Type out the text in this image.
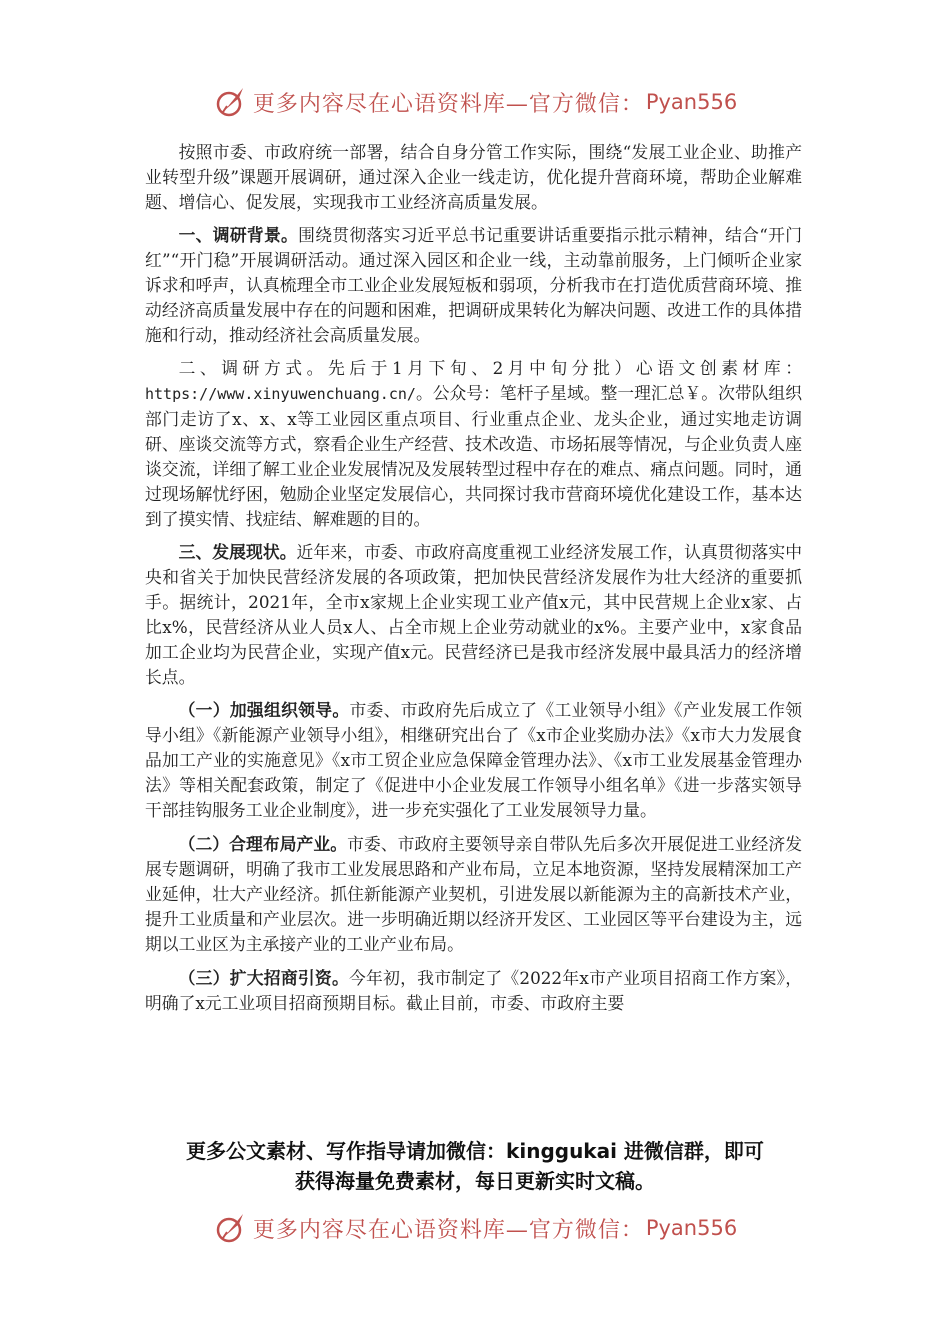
更多内容尽在心语资料库—官方微信： Pyan556

按照市委、市政府统一部署，结合自身分管工作实际，围绕“发展工业企业、助推产业转型升级”课题开展调研，通过深入企业一线走访，优化提升营商环境，帮助企业解难题、增信心、促发展，实现我市工业经济高质量发展。

一、调研背景。围绕贯彻落实习近平总书记重要讲话重要指示批示精神，结合“开门红”“开门稳”开展调研活动。通过深入园区和企业一线，主动靠前服务，上门倾听企业家诉求和呼声，认真梳理全市工业企业发展短板和弱项，分析我市在打造优质营商环境、推动经济高质量发展中存在的问题和困难，把调研成果转化为解决问题、改进工作的具体措施和行动，推动经济社会高质量发展。

二、调研方式。先后于1月下旬、2月中旬分批）心语文创素材库：https://www.xinyuwenchuang.cn/。公众号：笔杆子星域。整一理汇总￥。次带队组织部门走访了x、x、x等工业园区重点项目、行业重点企业、龙头企业，通过实地走访调研、座谈交流等方式，察看企业生产经营、技术改造、市场拓展等情况，与企业负责人座谈交流，详细了解工业企业发展情况及发展转型过程中存在的难点、痛点问题。同时，通过现场解忧纾困，勉励企业坚定发展信心，共同探讨我市营商环境优化建设工作，基本达到了摸实情、找症结、解难题的目的。

三、发展现状。近年来，市委、市政府高度重视工业经济发展工作，认真贯彻落实中央和省关于加快民营经济发展的各项政策，把加快民营经济发展作为壮大经济的重要抓手。据统计，2021年，全市x家规上企业实现工业产值x元，其中民营规上企业x家、占比x%，民营经济从业人员x人、占全市规上企业劳动就业的x%。主要产业中，x家食品加工企业均为民营企业，实现产值x元。民营经济已是我市经济发展中最具活力的经济增长点。

（一）加强组织领导。市委、市政府先后成立了《工业领导小组》《产业发展工作领导小组》《新能源产业领导小组》，相继研究出台了《x市企业奖励办法》《x市大力发展食品加工产业的实施意见》《x市工贸企业应急保障金管理办法》、《x市工业发展基金管理办法》等相关配套政策，制定了《促进中小企业发展工作领导小组名单》《进一步落实领导干部挂钩服务工业企业制度》，进一步充实强化了工业发展领导力量。

（二）合理布局产业。市委、市政府主要领导亲自带队先后多次开展促进工业经济发展专题调研，明确了我市工业发展思路和产业布局，立足本地资源，坚持发展精深加工产业延伸，壮大产业经济。抓住新能源产业契机，引进发展以新能源为主的高新技术产业，提升工业质量和产业层次。进一步明确近期以经济开发区、工业园区等平台建设为主，远期以工业区为主承接产业的工业产业布局。

（三）扩大招商引资。今年初，我市制定了《2022年x市产业项目招商工作方案》，明确了x元工业项目招商预期目标。截止目前，市委、市政府主要

更多公文素材、写作指导请加微信：kinggukai 进微信群，即可
获得海量免费素材，每日更新实时文稿。
更多内容尽在心语资料库—官方微信： Pyan556
